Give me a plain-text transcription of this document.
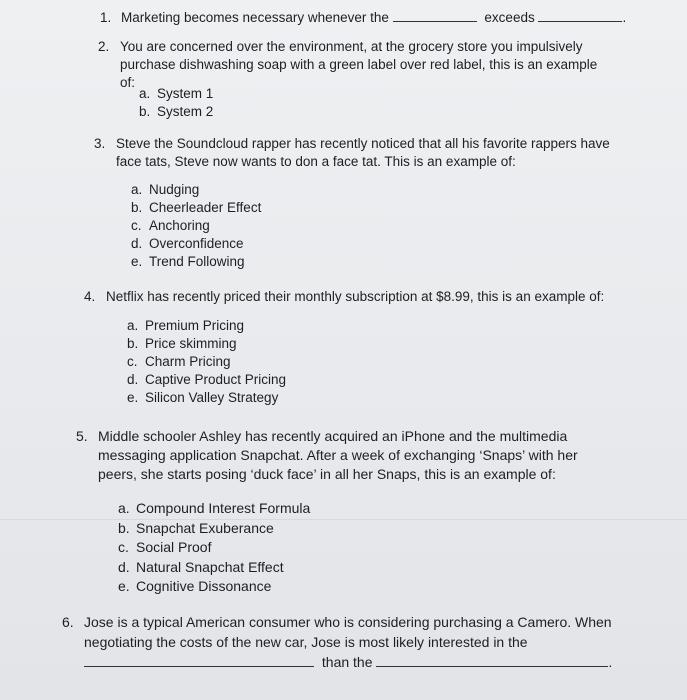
1. Marketing becomes necessary whenever the	exceeds	.
2. You are concerned over the environment, at the grocery store you impulsively purchase dishwashing soap with a green label over red label, this is an example of:
a. System 1
b. System 2
3. Steve the Soundcloud rapper has recently noticed that all his favorite rappers have face tats, Steve now wants to don a face tat. This is an example of:
a. Nudging
b. Cheerleader Effect
c. Anchoring
d. Overconfidence
e. Trend Following
4. Netflix has recently priced their monthly subscription at $8.99, this is an example of:
a. Premium Pricing
b. Price skimming
c. Charm Pricing
d. Captive Product Pricing
e. Silicon Valley Strategy
5. Middle schooler Ashley has recently acquired an iPhone and the multimedia messaging application Snapchat. After a week of exchanging ‘Snaps’ with her peers, she starts posing ‘duck face’ in all her Snaps, this is an example of:
a. Compound Interest Formula
b. Snapchat Exuberance
c. Social Proof
d. Natural Snapchat Effect
e. Cognitive Dissonance
6. Jose is a typical American consumer who is considering purchasing a Camero. When
negotiating the costs of the new car, Jose is most likely interested in the
than the	.
